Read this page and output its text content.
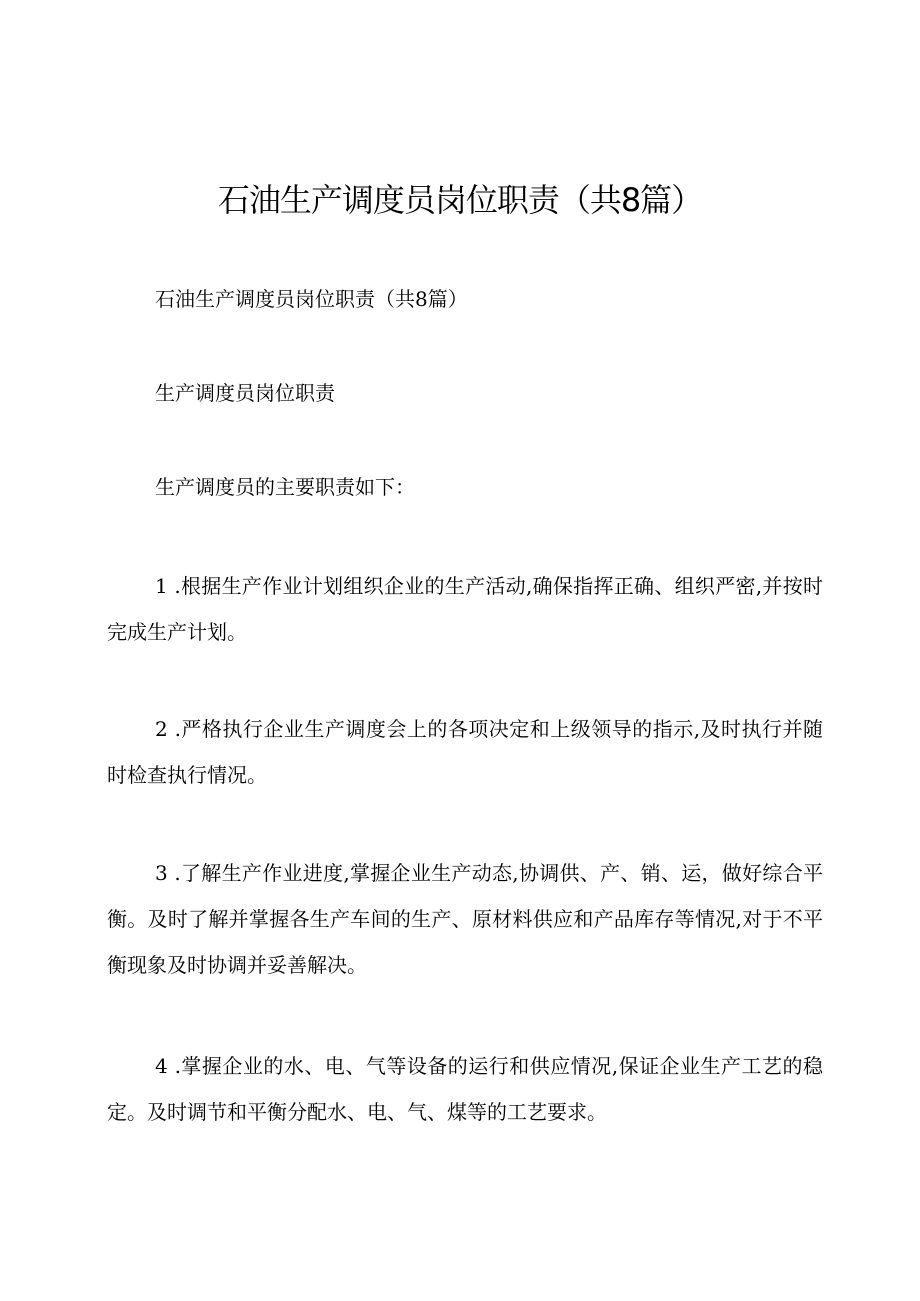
石油生产调度员岗位职责（共8篇）

石油生产调度员岗位职责（共8篇）

生产调度员岗位职责

生产调度员的主要职责如下：

1 .根据生产作业计划组织企业的生产活动,确保指挥正确、组织严密,并按时完成生产计划。

2 .严格执行企业生产调度会上的各项决定和上级领导的指示,及时执行并随时检查执行情况。

3 .了解生产作业进度,掌握企业生产动态,协调供、产、销、运，做好综合平衡。及时了解并掌握各生产车间的生产、原材料供应和产品库存等情况,对于不平衡现象及时协调并妥善解决。

4 .掌握企业的水、电、气等设备的运行和供应情况,保证企业生产工艺的稳定。及时调节和平衡分配水、电、气、煤等的工艺要求。
